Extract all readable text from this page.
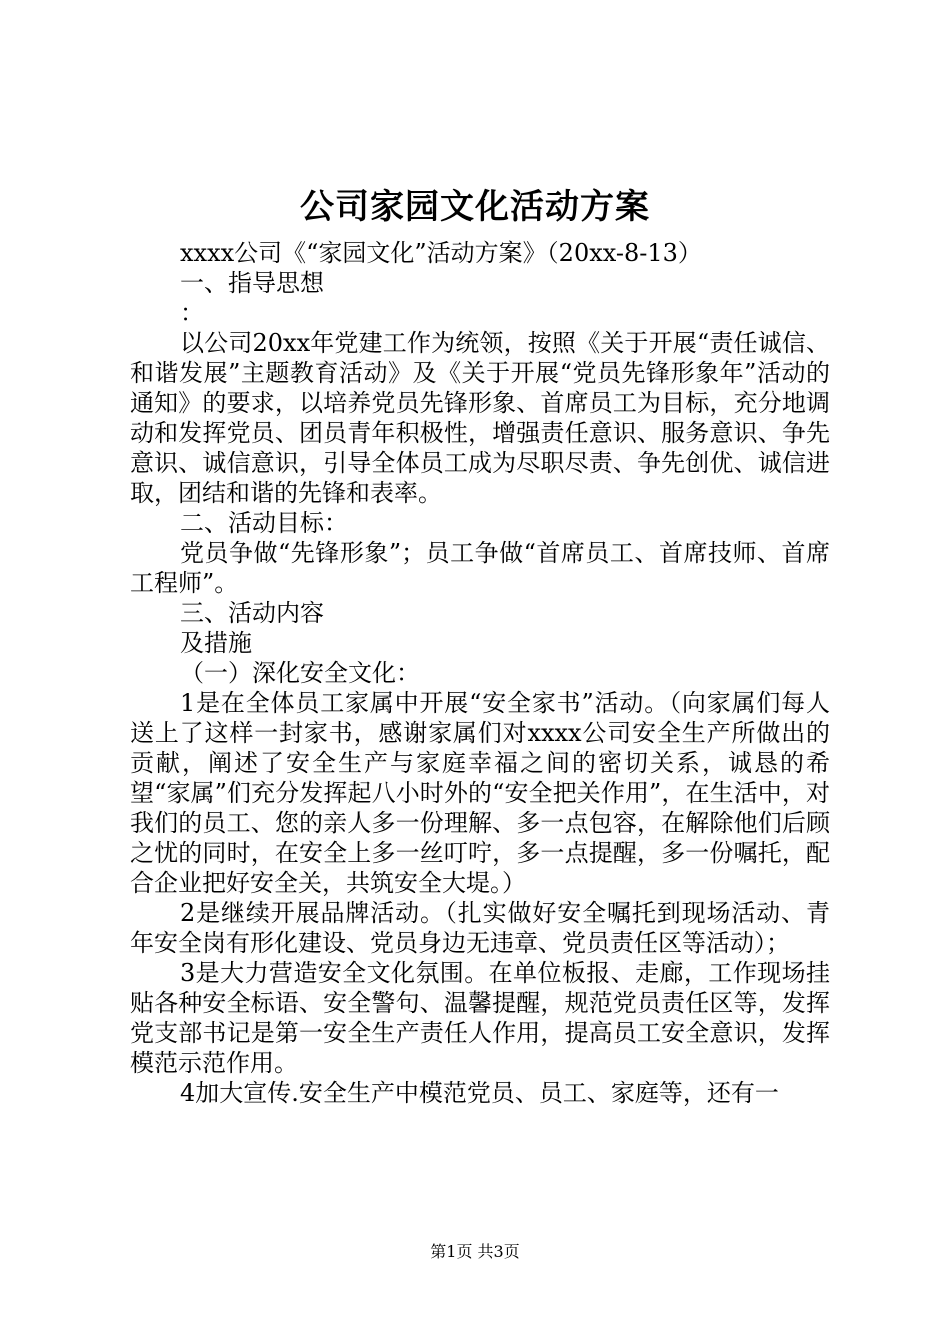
公司家园文化活动方案

xxxx公司《“家园文化”活动方案》（20xx-8-13）

一、指导思想

：

以公司20xx年党建工作为统领，按照《关于开展“责任诚信、和谐发展”主题教育活动》及《关于开展“党员先锋形象年”活动的通知》的要求，以培养党员先锋形象、首席员工为目标，充分地调动和发挥党员、团员青年积极性，增强责任意识、服务意识、争先意识、诚信意识，引导全体员工成为尽职尽责、争先创优、诚信进取，团结和谐的先锋和表率。

二、活动目标：

党员争做“先锋形象”；员工争做“首席员工、首席技师、首席工程师”。

三、活动内容

及措施

（一）深化安全文化：

1是在全体员工家属中开展“安全家书”活动。（向家属们每人送上了这样一封家书，感谢家属们对xxxx公司安全生产所做出的贡献，阐述了安全生产与家庭幸福之间的密切关系，诚恳的希望“家属”们充分发挥起八小时外的“安全把关作用”，在生活中，对我们的员工、您的亲人多一份理解、多一点包容，在解除他们后顾之忧的同时，在安全上多一丝叮咛，多一点提醒，多一份嘱托，配合企业把好安全关，共筑安全大堤。）

2是继续开展品牌活动。（扎实做好安全嘱托到现场活动、青年安全岗有形化建设、党员身边无违章、党员责任区等活动）；

3是大力营造安全文化氛围。在单位板报、走廊，工作现场挂贴各种安全标语、安全警句、温馨提醒，规范党员责任区等，发挥党支部书记是第一安全生产责任人作用，提高员工安全意识，发挥模范示范作用。

4加大宣传.安全生产中模范党员、员工、家庭等，还有一

第1页 共3页
